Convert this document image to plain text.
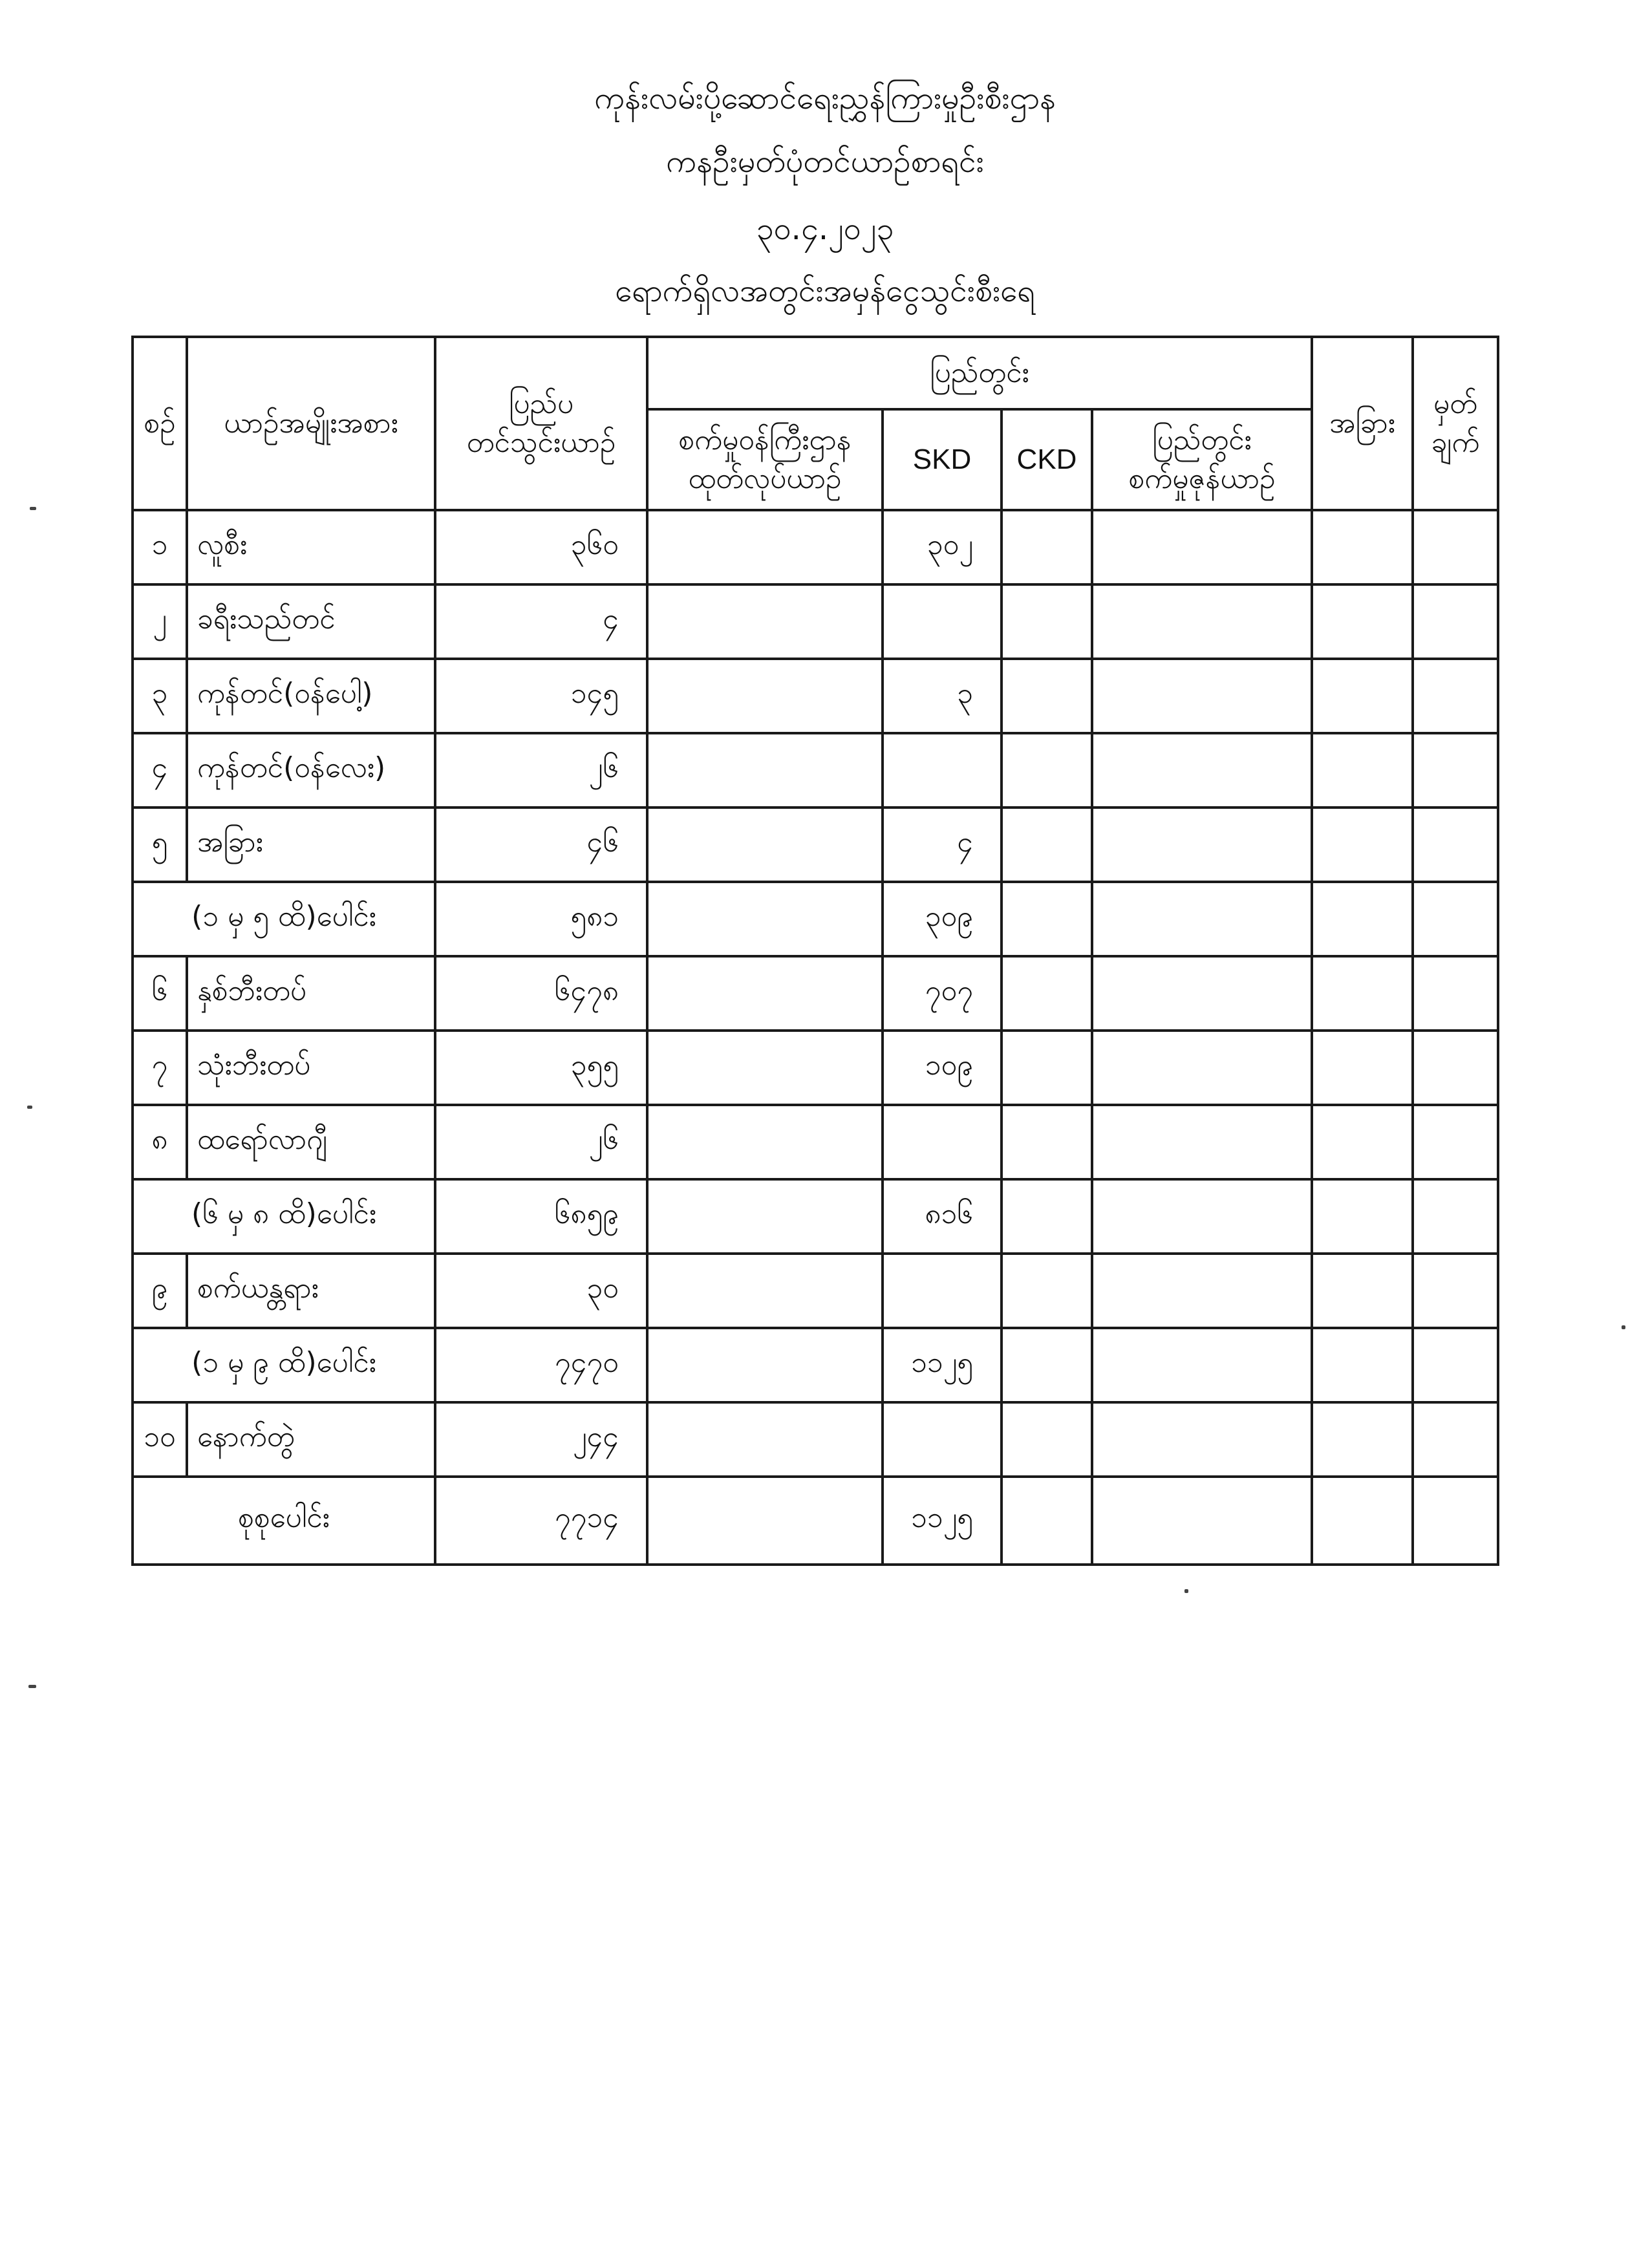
ကုန်းလမ်းပို့ဆောင်ရေးညွှန်ကြားမှုဦးစီးဌာန
ကနဦးမှတ်ပုံတင်ယာဉ်စာရင်း
၃၀.၄.၂၀၂၃
ရောက်ရှိလအတွင်းအမှန်ငွေသွင်းစီးရေ
စဉ်	ယာဉ်အမျိုးအစား	ပြည်ပ
တင်သွင်းယာဉ်	ပြည်တွင်း				အခြား	မှတ်
ချက်

			စက်မှုဝန်ကြီးဌာန
ထုတ်လုပ်ယာဉ်	SKD	CKD	ပြည်တွင်း
စက်မှုဇုန်ယာဉ်		

၁	လူစီး	၃၆၀		၃၀၂				
၂	ခရီးသည်တင်	၄						
၃	ကုန်တင်(ဝန်ပေါ့)	၁၄၅		၃				
၄	ကုန်တင်(ဝန်လေး)	၂၆						
၅	အခြား	၄၆		၄				
(၁ မှ ၅ ထိ)ပေါင်း		၅၈၁		၃၀၉				
၆	နှစ်ဘီးတပ်	၆၄၇၈		၇၀၇				
၇	သုံးဘီးတပ်	၃၅၅		၁၀၉				
၈	ထရော်လာဂျီ	၂၆						
(၆ မှ ၈ ထိ)ပေါင်း		၆၈၅၉		၈၁၆				
၉	စက်ယန္တရား	၃၀						
(၁ မှ ၉ ထိ)ပေါင်း		၇၄၇၀		၁၁၂၅				
၁၀	နောက်တွဲ	၂၄၄						
စုစုပေါင်း		၇၇၁၄		၁၁၂၅				
